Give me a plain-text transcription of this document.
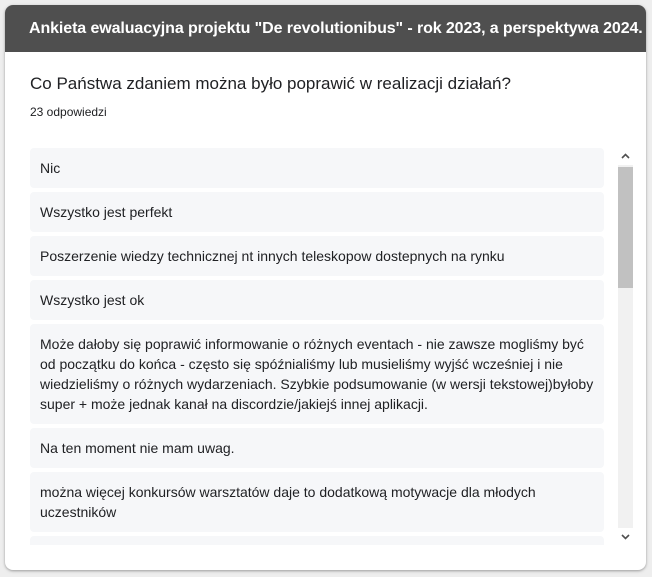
Ankieta ewaluacyjna projektu "De revolutionibus" - rok 2023, a perspektywa 2024.
Co Państwa zdaniem można było poprawić w realizacji działań?
23 odpowiedzi
Nic
Wszystko jest perfekt
Poszerzenie wiedzy technicznej nt innych teleskopow dostepnych na rynku
Wszystko jest ok
Może dałoby się poprawić informowanie o różnych eventach - nie zawsze mogliśmy być od początku do końca - często się spóźnialiśmy lub musieliśmy wyjść wcześniej i nie wiedzieliśmy o różnych wydarzeniach. Szybkie podsumowanie (w wersji tekstowej)byłoby super + może jednak kanał na discordzie/jakiejś innej aplikacji.
Na ten moment nie mam uwag.
można więcej konkursów warsztatów daje to dodatkową motywacje dla młodych uczestników
